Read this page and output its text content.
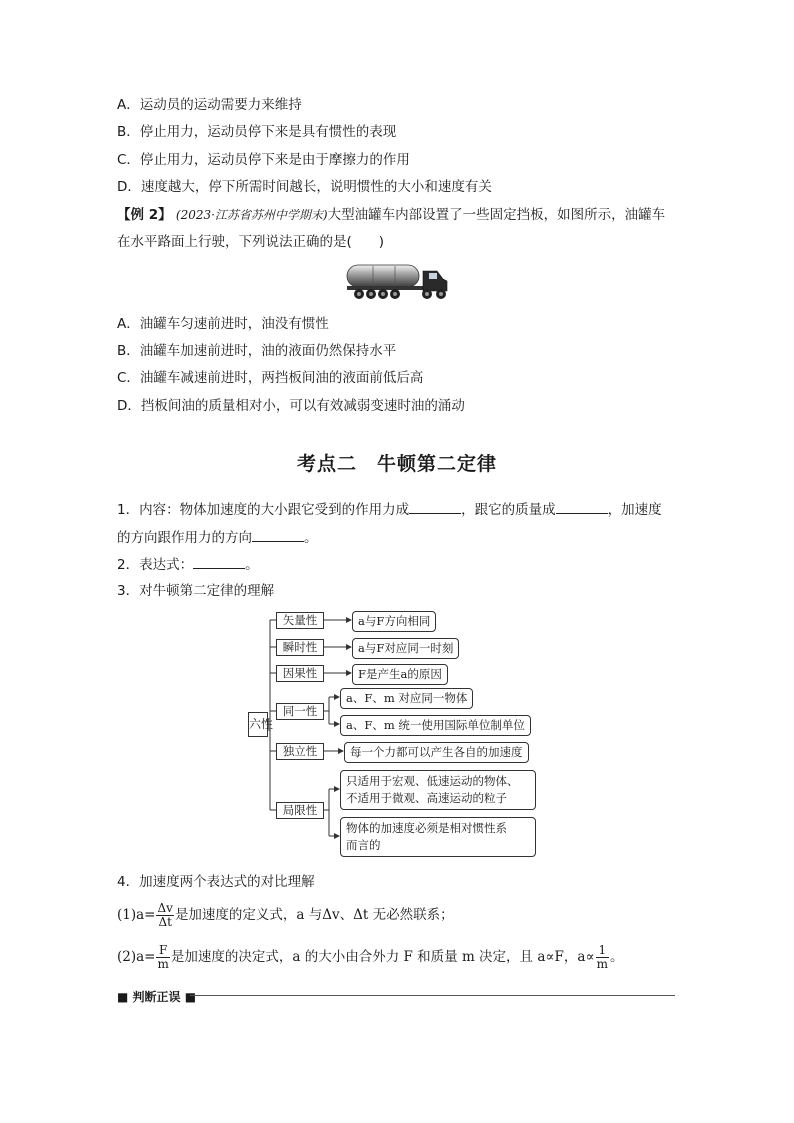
A．运动员的运动需要力来维持
B．停止用力，运动员停下来是具有惯性的表现
C．停止用力，运动员停下来是由于摩擦力的作用
D．速度越大，停下所需时间越长，说明惯性的大小和速度有关
【例 2】 (2023·江苏省苏州中学期末)大型油罐车内部设置了一些固定挡板，如图所示，油罐车
在水平路面上行驶，下列说法正确的是(　　)
A．油罐车匀速前进时，油没有惯性
B．油罐车加速前进时，油的液面仍然保持水平
C．油罐车减速前进时，两挡板间油的液面前低后高
D．挡板间油的质量相对小，可以有效减弱变速时油的涌动
考点二　牛顿第二定律
1．内容：物体加速度的大小跟它受到的作用力成	，跟它的质量成	，加速度
的方向跟作用力的方向	。
2．表达式：	。
3．对牛顿第二定律的理解
六性
矢量性
瞬时性
因果性
同一性
独立性
局限性
a与F方向相同
a与F对应同一时刻
F是产生a的原因
a、F、m 对应同一物体
a、F、m 统一使用国际单位制单位
每一个力都可以产生各自的加速度
只适用于宏观、低速运动的物体、
不适用于微观、高速运动的粒子
物体的加速度必须是相对惯性系
而言的
4．加速度两个表达式的对比理解
$(1)a= \frac{\Delta v}{\Delta t}$ 是加速度的定义式，a 与Δv、Δt 无必然联系；
$(2)a= \frac{F}{m}$ 是加速度的决定式，a 的大小由合外力 F 和质量 m 决定，且 a∝F，$a\propto \frac{1}{m}$ 。
■ 判断正误 ■
